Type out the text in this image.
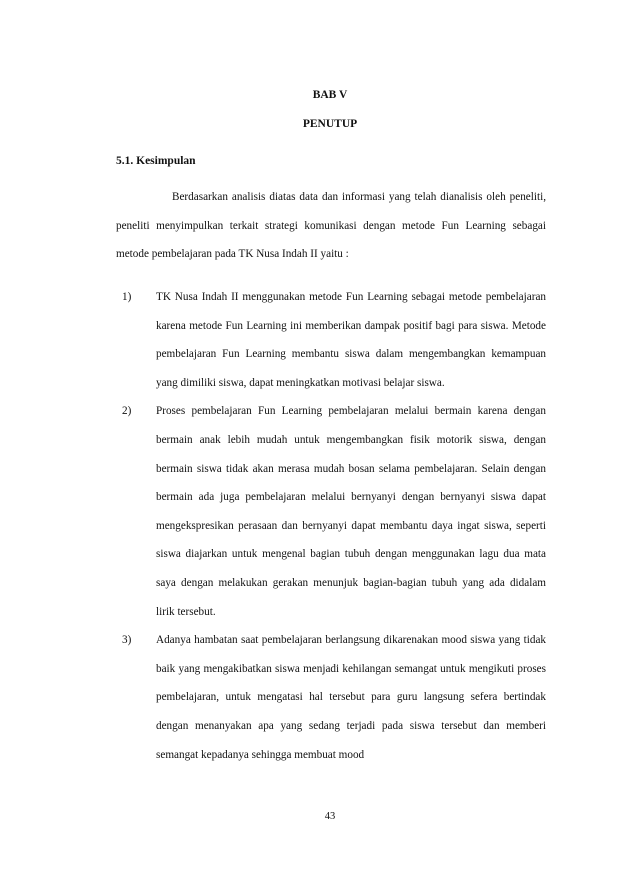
BAB V
PENUTUP
5.1. Kesimpulan

Berdasarkan analisis diatas data dan informasi yang telah dianalisis oleh peneliti, peneliti menyimpulkan terkait strategi komunikasi dengan metode Fun Learning sebagai metode pembelajaran pada TK Nusa Indah II yaitu :

1) TK Nusa Indah II menggunakan metode Fun Learning sebagai metode pembelajaran karena metode Fun Learning ini memberikan dampak positif bagi para siswa. Metode pembelajaran Fun Learning membantu siswa dalam mengembangkan kemampuan yang dimiliki siswa, dapat meningkatkan motivasi belajar siswa.
2) Proses pembelajaran Fun Learning pembelajaran melalui bermain karena dengan bermain anak lebih mudah untuk mengembangkan fisik motorik siswa, dengan bermain siswa tidak akan merasa mudah bosan selama pembelajaran. Selain dengan bermain ada juga pembelajaran melalui bernyanyi dengan bernyanyi siswa dapat mengekspresikan perasaan dan bernyanyi dapat membantu daya ingat siswa, seperti siswa diajarkan untuk mengenal bagian tubuh dengan menggunakan lagu dua mata saya dengan melakukan gerakan menunjuk bagian-bagian tubuh yang ada didalam lirik tersebut.
3) Adanya hambatan saat pembelajaran berlangsung dikarenakan mood siswa yang tidak baik yang mengakibatkan siswa menjadi kehilangan semangat untuk mengikuti proses pembelajaran, untuk mengatasi hal tersebut para guru langsung sefera bertindak dengan menanyakan apa yang sedang terjadi pada siswa tersebut dan memberi semangat kepadanya sehingga membuat mood
43
